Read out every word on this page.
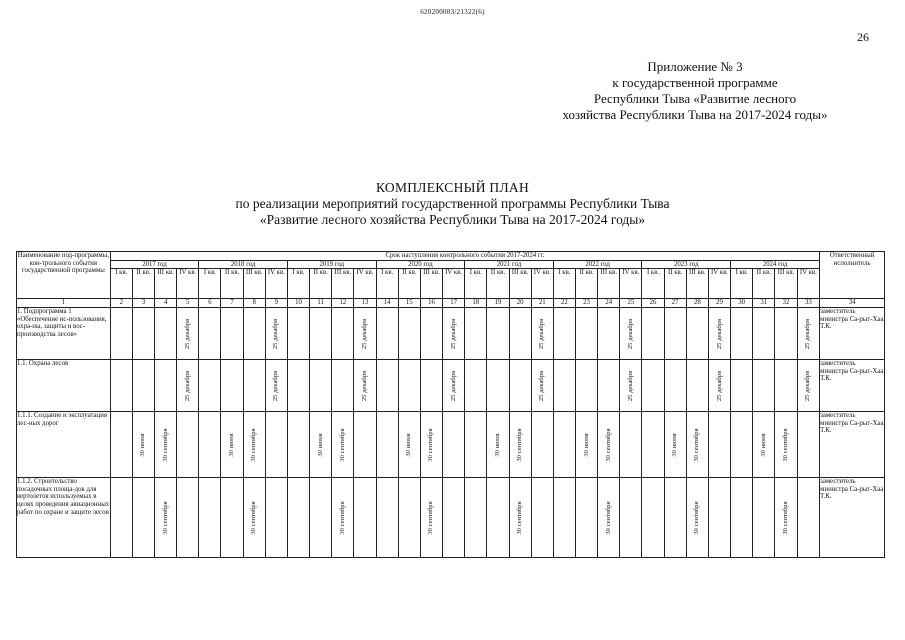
620200083/21322(6)
26
Приложение № 3
к государственной программе
Республики Тыва «Развитие лесного
хозяйства Республики Тыва на 2017-2024 годы»
КОМПЛЕКСНЫЙ ПЛАН
по реализации мероприятий государственной программы Республики Тыва
«Развитие лесного хозяйства Республики Тыва на 2017-2024 годы»
Наименование под-программы, кон-трольного события государственной программы	Срок наступления контрольного события 2017-2024 гг.																																Ответственный исполнитель
	2017 год				2018 год				2019 год				2020 год				2021 год				2022 год				2023 год				2024 год				
	I кв.	II кв.	III кв.	IV кв.	I кв.	II кв.	III кв.	IV кв.	I кв.	II кв.	III кв.	IV кв.	I кв.	II кв.	III кв.	IV кв.	I кв.	II кв.	III кв.	IV кв.	I кв.	II кв.	III кв.	IV кв.	I кв.	II кв.	III кв.	IV кв.	I кв.	II кв.	III кв.	IV кв.	
1	2	3	4	5	6	7	8	9	10	11	12	13	14	15	16	17	18	19	20	21	22	23	24	25	26	27	28	29	30	31	32	33	34
1. Подпрограмма 1 «Обеспечение ис-пользования, охра-ны, защиты и вос-производства лесов»				25 декабря				25 декабря				25 декабря				25 декабря				25 декабря				25 декабря				25 декабря				25 декабря	заместитель министра Са-рыг-Хаа Т.К.
1.1. Охрана лесов				25 декабря				25 декабря				25 декабря				25 декабря				25 декабря				25 декабря				25 декабря				25 декабря	заместитель министра Са-рыг-Хаа Т.К.
1.1.1. Создание и эксплуатация лес-ных дорог		30 июня	30 сентября			30 июня	30 сентября			30 июня	30 сентября			30 июня	30 сентября			30 июня	30 сентября			30 июня	30 сентября			30 июня	30 сентября			30 июня	30 сентября		заместитель министра Са-рыг-Хаа Т.К.
1.1.2. Строительство посадочных площа-док для вертолетов используемых в целях проведения авиационных работ по охране и защите лесов			30 сентября				30 сентября				30 сентября				30 сентября				30 сентября				30 сентября				30 сентября				30 сентября		заместитель министра Са-рыг-Хаа Т.К.
